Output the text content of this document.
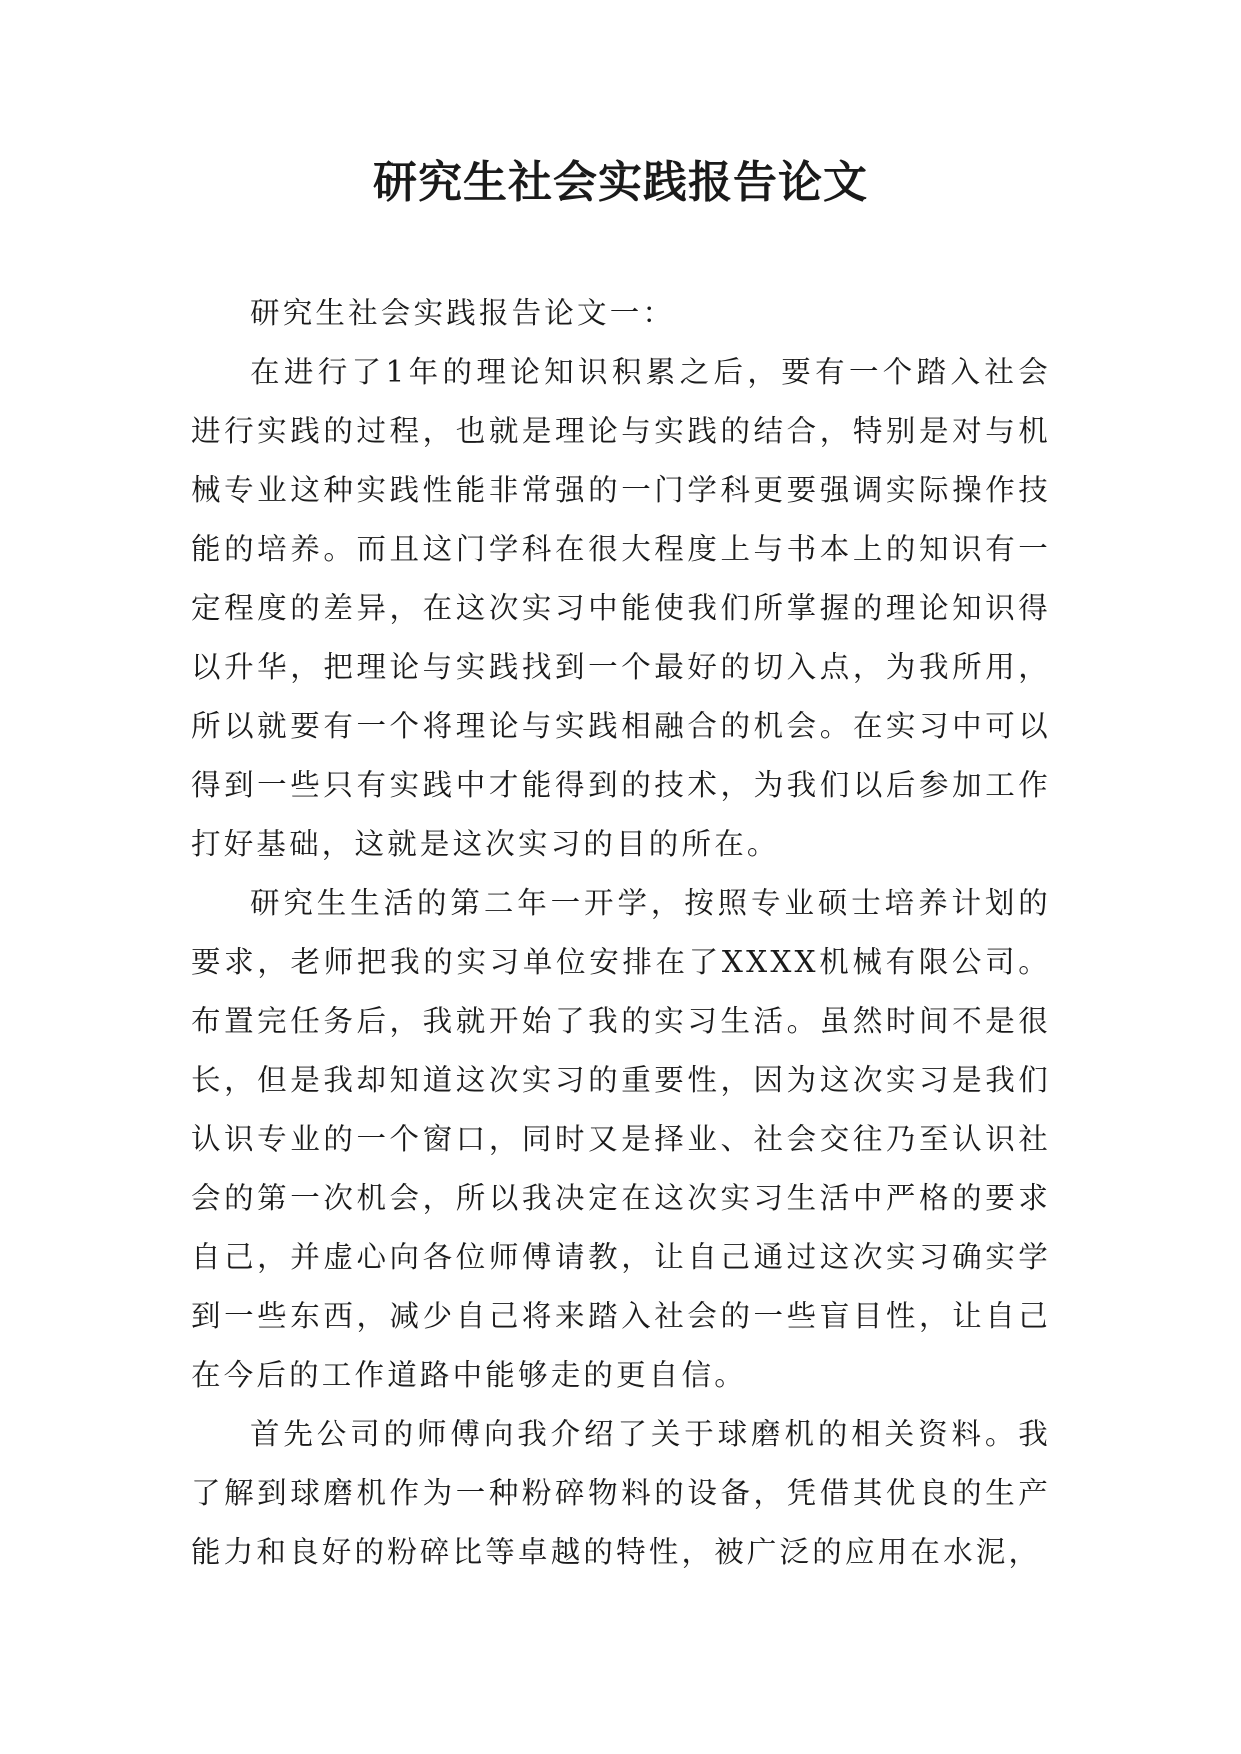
研究生社会实践报告论文

研究生社会实践报告论文一：

在进行了1年的理论知识积累之后，要有一个踏入社会进行实践的过程，也就是理论与实践的结合，特别是对与机械专业这种实践性能非常强的一门学科更要强调实际操作技能的培养。而且这门学科在很大程度上与书本上的知识有一定程度的差异，在这次实习中能使我们所掌握的理论知识得以升华，把理论与实践找到一个最好的切入点，为我所用，所以就要有一个将理论与实践相融合的机会。在实习中可以得到一些只有实践中才能得到的技术，为我们以后参加工作打好基础，这就是这次实习的目的所在。

研究生生活的第二年一开学，按照专业硕士培养计划的要求，老师把我的实习单位安排在了XXXX机械有限公司。布置完任务后，我就开始了我的实习生活。虽然时间不是很长，但是我却知道这次实习的重要性，因为这次实习是我们认识专业的一个窗口，同时又是择业、社会交往乃至认识社会的第一次机会，所以我决定在这次实习生活中严格的要求自己，并虚心向各位师傅请教，让自己通过这次实习确实学到一些东西，减少自己将来踏入社会的一些盲目性，让自己在今后的工作道路中能够走的更自信。

首先公司的师傅向我介绍了关于球磨机的相关资料。我了解到球磨机作为一种粉碎物料的设备，凭借其优良的生产能力和良好的粉碎比等卓越的特性，被广泛的应用在水泥，
